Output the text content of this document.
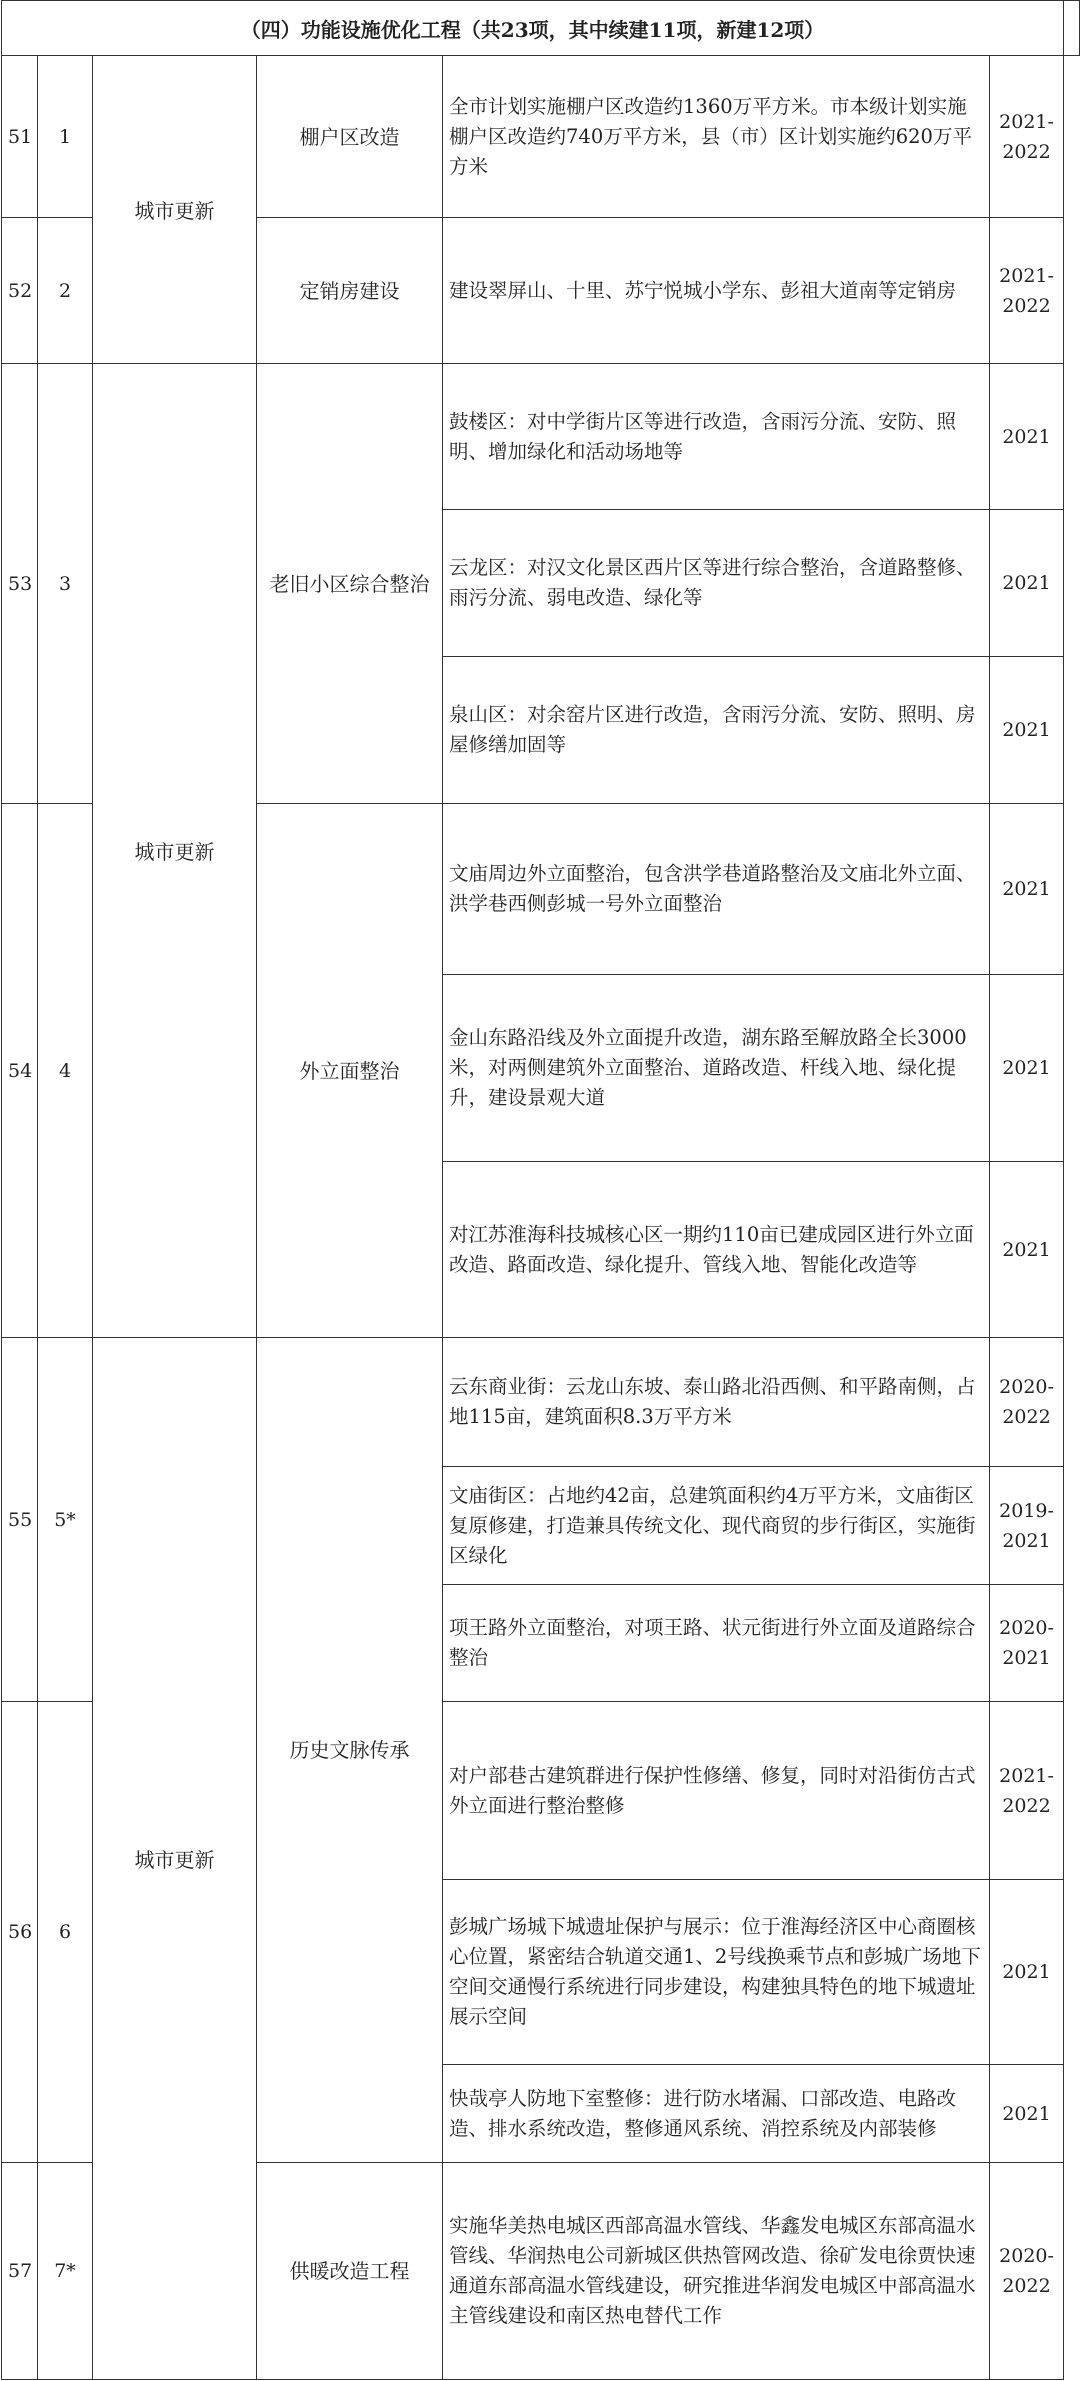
（四）功能设施优化工程（共23项，其中续建11项，新建12项）						
51	1	城市更新	棚户区改造	全市计划实施棚户区改造约1360万平方米。市本级计划实施棚户区改造约740万平方米，县（市）区计划实施约620万平方米	2021-2022	
52	2		定销房建设	建设翠屏山、十里、苏宁悦城小学东、彭祖大道南等定销房	2021-2022	
53	3	城市更新	老旧小区综合整治	鼓楼区：对中学街片区等进行改造，含雨污分流、安防、照明、增加绿化和活动场地等	2021	
				云龙区：对汉文化景区西片区等进行综合整治，含道路整修、雨污分流、弱电改造、绿化等	2021	
				泉山区：对余窑片区进行改造，含雨污分流、安防、照明、房屋修缮加固等	2021	
54	4		外立面整治	文庙周边外立面整治，包含洪学巷道路整治及文庙北外立面、洪学巷西侧彭城一号外立面整治	2021	
				金山东路沿线及外立面提升改造，湖东路至解放路全长3000米，对两侧建筑外立面整治、道路改造、杆线入地、绿化提升，建设景观大道	2021	
				对江苏淮海科技城核心区一期约110亩已建成园区进行外立面改造、路面改造、绿化提升、管线入地、智能化改造等	2021	
55	5*	城市更新	历史文脉传承	云东商业街：云龙山东坡、泰山路北沿西侧、和平路南侧，占地115亩，建筑面积8.3万平方米	2020-2022	
				文庙街区：占地约42亩，总建筑面积约4万平方米，文庙街区复原修建，打造兼具传统文化、现代商贸的步行街区，实施街区绿化	2019-2021	
				项王路外立面整治，对项王路、状元街进行外立面及道路综合整治	2020-2021	
56	6			对户部巷古建筑群进行保护性修缮、修复，同时对沿街仿古式外立面进行整治整修	2021-2022	
				彭城广场城下城遗址保护与展示：位于淮海经济区中心商圈核心位置，紧密结合轨道交通1、2号线换乘节点和彭城广场地下空间交通慢行系统进行同步建设，构建独具特色的地下城遗址展示空间	2021	
				快哉亭人防地下室整修：进行防水堵漏、口部改造、电路改造、排水系统改造，整修通风系统、消控系统及内部装修	2021	
57	7*		供暖改造工程	实施华美热电城区西部高温水管线、华鑫发电城区东部高温水管线、华润热电公司新城区供热管网改造、徐矿发电徐贾快速通道东部高温水管线建设，研究推进华润发电城区中部高温水主管线建设和南区热电替代工作	2020-2022	
